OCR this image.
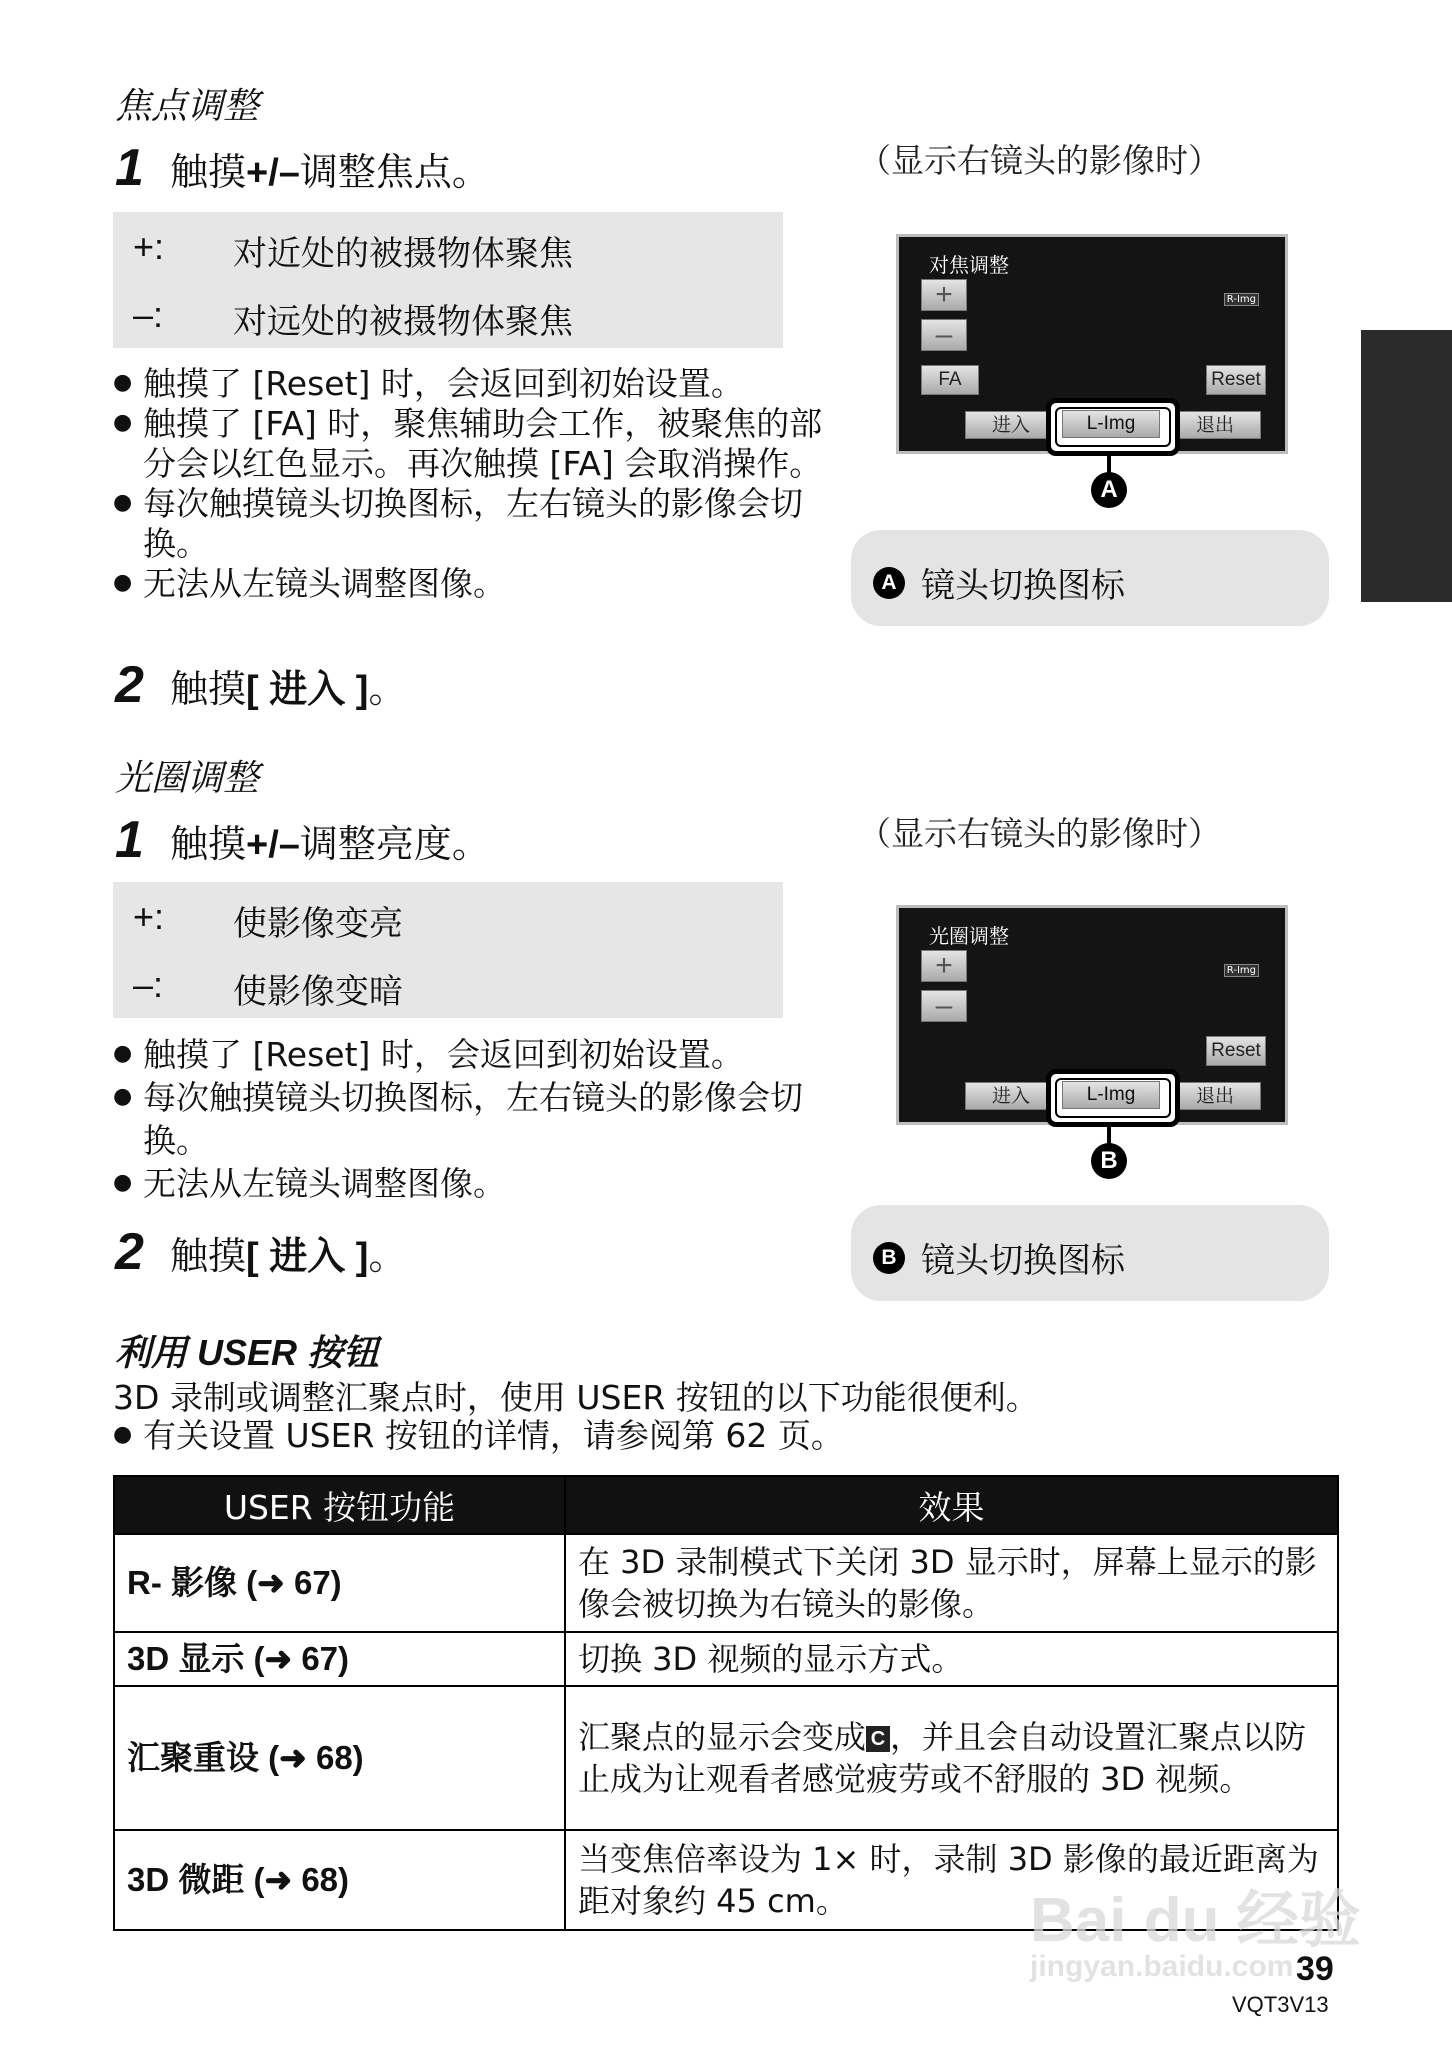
焦点调整
1 触摸 +/– 调整焦点。
+:	对近处的被摄物体聚焦
–:	对远处的被摄物体聚焦
● 触摸了 [Reset] 时，会返回到初始设置。
● 触摸了 [FA] 时，聚焦辅助会工作，被聚焦的部分会以红色显示。再次触摸 [FA] 会取消操作。
● 每次触摸镜头切换图标，左右镜头的影像会切换。
● 无法从左镜头调整图像。
2 触摸 [ 进入 ] 。
（显示右镜头的影像时）
对焦调整
+
–
R-Img
FA	Reset
进入	退出
L-Img
A
A 镜头切换图标
光圈调整
1 触摸 +/– 调整亮度。
+:	使影像变亮
–:	使影像变暗
● 触摸了 [Reset] 时，会返回到初始设置。
● 每次触摸镜头切换图标，左右镜头的影像会切换。
● 无法从左镜头调整图像。
2 触摸 [ 进入 ] 。
（显示右镜头的影像时）
光圈调整
+
–
R-Img
Reset
进入	退出
L-Img
B
B 镜头切换图标
利用 USER 按钮
3D 录制或调整汇聚点时，使用 USER 按钮的以下功能很便利。
● 有关设置 USER 按钮的详情，请参阅第 62 页。
USER 按钮功能	效果
R- 影像 (➜ 67)	在 3D 录制模式下关闭 3D 显示时，屏幕上显示的影像会被切换为右镜头的影像。
3D 显示 (➜ 67)	切换 3D 视频的显示方式。
汇聚重设 (➜ 68)	汇聚点的显示会变成 C ，并且会自动设置汇聚点以防止成为让观看者感觉疲劳或不舒服的 3D 视频。
3D 微距 (➜ 68)	当变焦倍率设为 1× 时，录制 3D 影像的最近距离为距对象约 45 cm。
39
VQT3V13
Bai du 经验
jingyan.baidu.com
